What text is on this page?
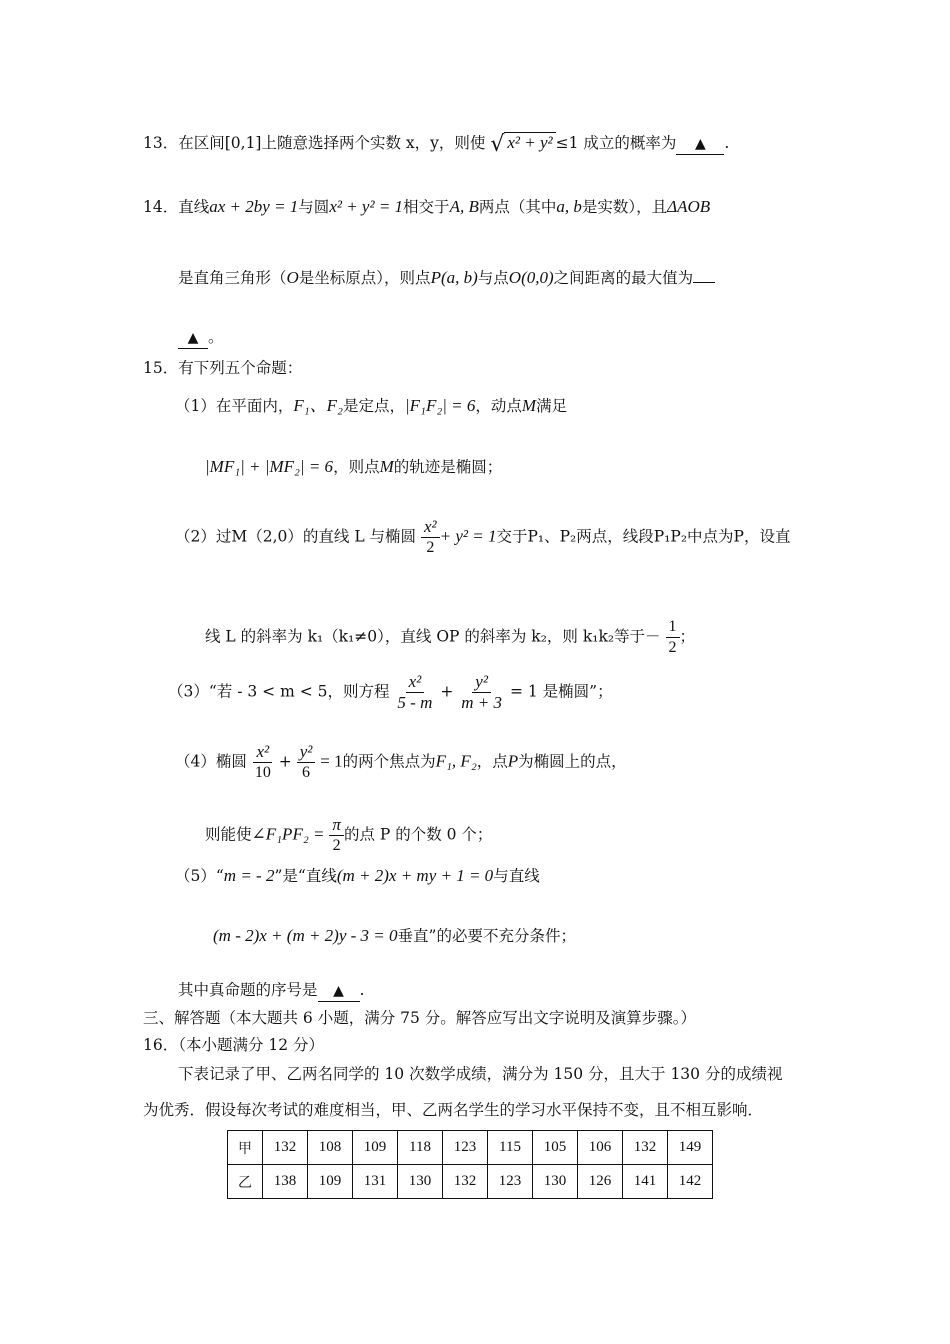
13．在区间[0,1]上随意选择两个实数 x，y，则使 √ x² + y² ≤1 成立的概率为 ▲ .
14．直线ax + 2by = 1与圆x² + y² = 1相交于A, B两点（其中a, b是实数），且ΔAOB
是直角三角形（O是坐标原点），则点P(a, b)与点O(0,0)之间距离的最大值为
▲ 。
15．有下列五个命题：
（1）在平面内，F₁、F₂是定点，|F₁F₂| = 6，动点M满足
|MF₁| + |MF₂| = 6，则点M的轨迹是椭圆；
（2）过M（2,0）的直线 L 与椭圆 $\frac{\text{x²}}{2} + y^2 = 1$交于P₁、P₂两点，线段P₁P₂中点为P，设直
线 L 的斜率为 k₁（k₁≠0），直线 OP 的斜率为 k₂，则 k₁k₂等于－ $\frac{1}{2}$ ；
（3）“若 - 3 < m < 5，则方程 $\frac{\text{x²}}{5 - m} + \frac{\text{y²}}{m + 3} = 1$ 是椭圆”；
（4）椭圆 $\frac{\text{x²}}{10} + \frac{\text{y²}}{6} = 1$的两个焦点为F₁, F₂，点P为椭圆上的点，
则能使∠F₁PF₂ = $\frac{\pi}{2}$ 的点 P 的个数 0 个；
（5）“m = - 2”是“直线(m + 2)x + my + 1 = 0与直线
(m - 2)x + (m + 2)y - 3 = 0垂直”的必要不充分条件；
其中真命题的序号是 ▲ .
三、解答题（本大题共 6 小题，满分 75 分。解答应写出文字说明及演算步骤。）
16．（本小题满分 12 分）
下表记录了甲、乙两名同学的 10 次数学成绩，满分为 150 分，且大于 130 分的成绩视
为优秀．假设每次考试的难度相当，甲、乙两名学生的学习水平保持不变，且不相互影响．
甲	132	108	109	118	123	115	105	106	132	149
乙	138	109	131	130	132	123	130	126	141	142
